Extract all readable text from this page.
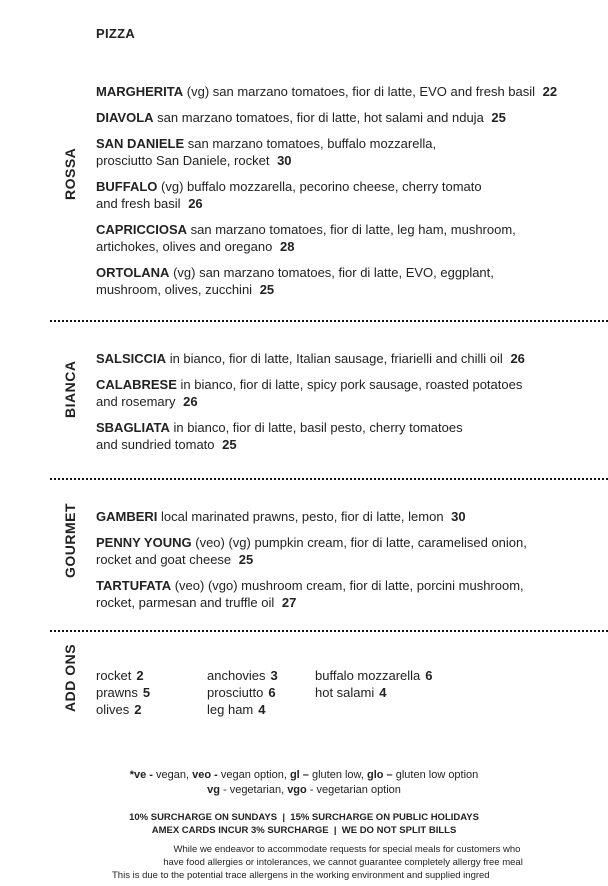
PIZZA
ROSSA
MARGHERITA (vg) san marzano tomatoes, fior di latte, EVO and fresh basil 22
DIAVOLA san marzano tomatoes, fior di latte, hot salami and nduja 25
SAN DANIELE san marzano tomatoes, buffalo mozzarella,
prosciutto San Daniele, rocket 30
BUFFALO (vg) buffalo mozzarella, pecorino cheese, cherry tomato
and fresh basil 26
CAPRICCIOSA san marzano tomatoes, fior di latte, leg ham, mushroom,
artichokes, olives and oregano 28
ORTOLANA (vg) san marzano tomatoes, fior di latte, EVO, eggplant,
mushroom, olives, zucchini 25
BIANCA
SALSICCIA in bianco, fior di latte, Italian sausage, friarielli and chilli oil 26
CALABRESE in bianco, fior di latte, spicy pork sausage, roasted potatoes
and rosemary 26
SBAGLIATA in bianco, fior di latte, basil pesto, cherry tomatoes
and sundried tomato 25
GOURMET GAMBERI local marinated prawns, pesto, fior di latte, lemon 30
PENNY YOUNG (veo) (vg) pumpkin cream, fior di latte, caramelised onion,
rocket and goat cheese 25
TARTUFATA (veo) (vgo) mushroom cream, fior di latte, porcini mushroom,
rocket, parmesan and truffle oil 27
ADD ONS rocket 2
prawns 5
olives 2
anchovies 3
prosciutto 6
leg ham 4
buffalo mozzarella 6
hot salami 4
*ve - vegan, veo - vegan option, gl – gluten low, glo – gluten low option
vg - vegetarian, vgo - vegetarian option
10% SURCHARGE ON SUNDAYS  |  15% SURCHARGE ON PUBLIC HOLIDAYS
AMEX CARDS INCUR 3% SURCHARGE  |  WE DO NOT SPLIT BILLS
While we endeavor to accommodate requests for special meals for customers who
have food allergies or intolerances, we cannot guarantee completely allergy free meal
This is due to the potential trace allergens in the working environment and supplied ingred
